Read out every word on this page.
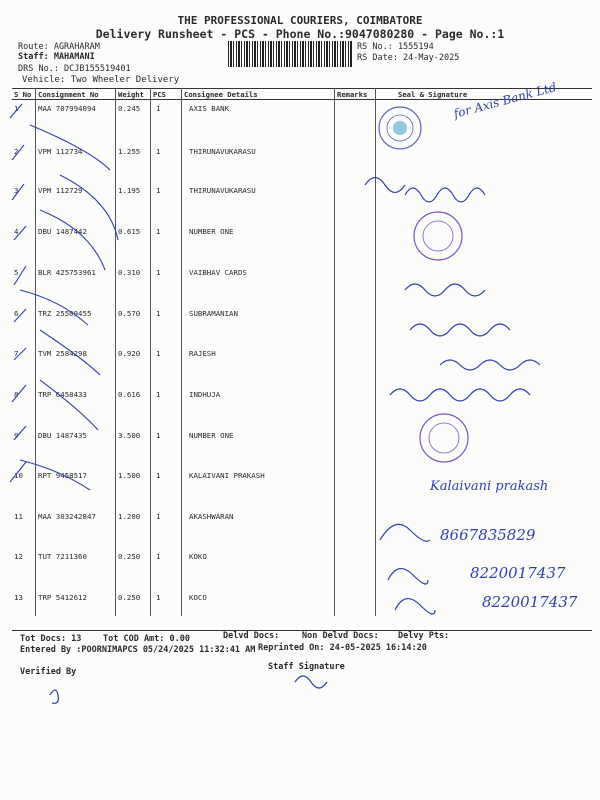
THE PROFESSIONAL COURIERS, COIMBATORE
Delivery Runsheet - PCS - Phone No.:9047080280 - Page No.:1
Route: AGRAHARAM
Staff: MAHAMANI
DRS No.: DCJB155519401
Vehicle: Two Wheeler Delivery
RS No.: 1555194
RS Date: 24-May-2025
S No Consignment No	Weight PCS	Consignee Details	Remarks	Seal & Signature
1	MAA 707994094	0.245 1	AXIS BANK
2	VPM 112734	1.255 1	THIRUNAVUKARASU
3	VPM 112729	1.195 1	THIRUNAVUKARASU
4	DBU 1487442	0.615 1	NUMBER ONE
5	BLR 425753961	0.310 1	VAIBHAV CARDS
6	TRZ 25509455	0.570 1	SUBRAMANIAN
7	TVM 2584298	0.920 1	RAJESH
8	TRP 6458433	0.616 1	INDHUJA
9	DBU 1487435	3.500 1	NUMBER ONE
10 RPT 9458517	1.500 1	KALAIVANI PRAKASH
11 MAA 303242847	1.200 1	AKASHWARAN
12 TUT 7211360	0.250 1	KOKO
13 TRP 5412612	0.250 1	KOCO
for Axis Bank Ltd
Kalaivani prakash
8667835829
8220017437
8220017437
Tot Docs: 13	Tot COD Amt: 0.00	Delvd Docs:	Non Delvd Docs: Delvy Pts:
Entered By :POORNIMAPCS 05/24/2025 11:32:41 AM Reprinted On: 24-05-2025 16:14:20
Verified By	Staff Signature
